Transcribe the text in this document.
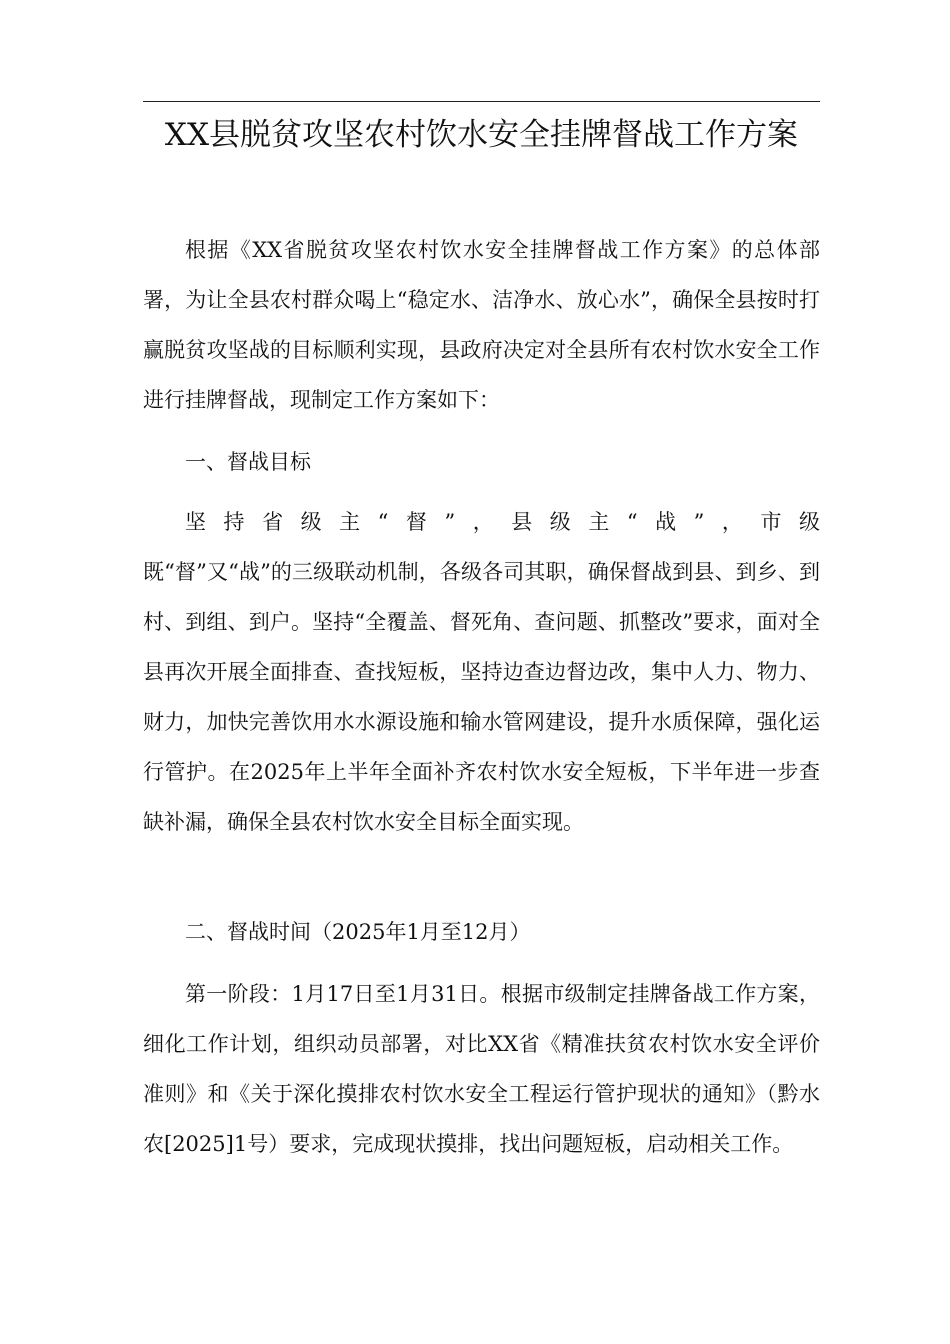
XX县脱贫攻坚农村饮水安全挂牌督战工作方案

根据《XX省脱贫攻坚农村饮水安全挂牌督战工作方案》的总体部署，为让全县农村群众喝上“稳定水、洁净水、放心水”，确保全县按时打赢脱贫攻坚战的目标顺利实现，县政府决定对全县所有农村饮水安全工作进行挂牌督战，现制定工作方案如下：

一、督战目标

坚持省级主“督”，县级主“战”，市级

既“督”又“战”的三级联动机制，各级各司其职，确保督战到县、到乡、到村、到组、到户。坚持“全覆盖、督死角、查问题、抓整改”要求，面对全县再次开展全面排查、查找短板，坚持边查边督边改，集中人力、物力、财力，加快完善饮用水水源设施和输水管网建设，提升水质保障，强化运行管护。在2025年上半年全面补齐农村饮水安全短板，下半年进一步查缺补漏，确保全县农村饮水安全目标全面实现。

二、督战时间（2025年1月至12月）

第一阶段：1月17日至1月31日。根据市级制定挂牌备战工作方案，细化工作计划，组织动员部署，对比XX省《精准扶贫农村饮水安全评价准则》和《关于深化摸排农村饮水安全工程运行管护现状的通知》（黔水农[2025]1号）要求，完成现状摸排，找出问题短板，启动相关工作。
